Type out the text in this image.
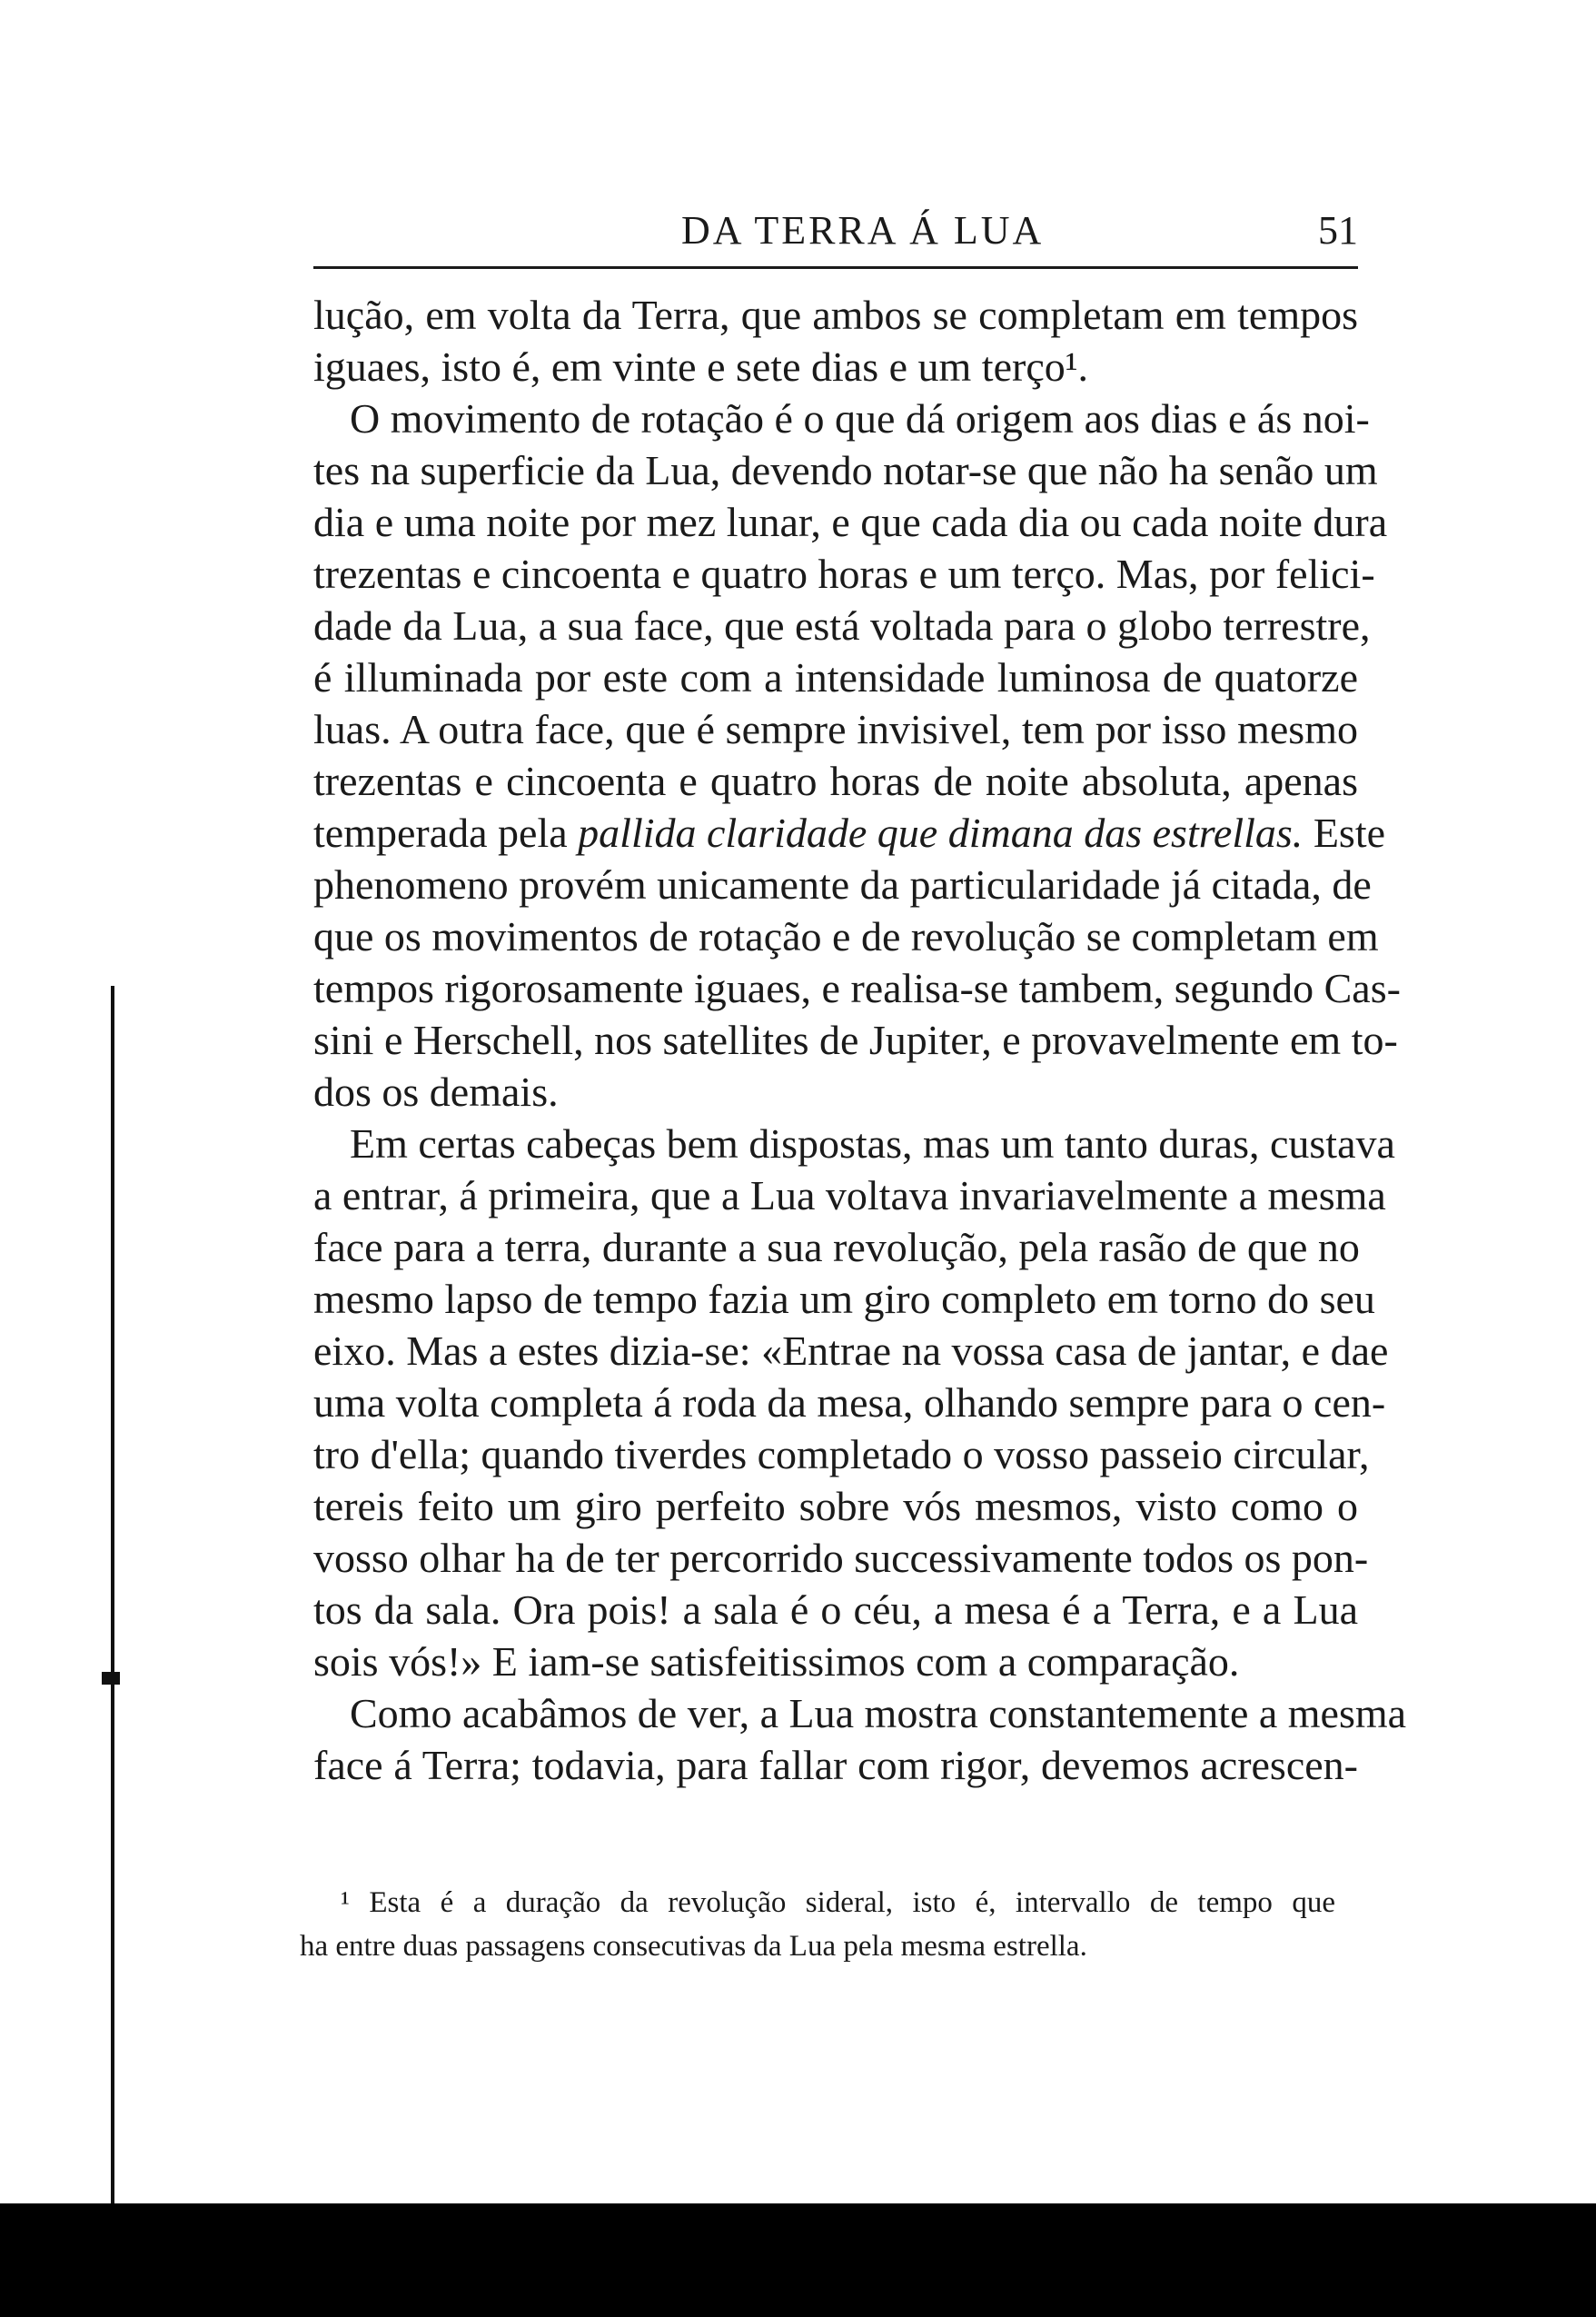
DA TERRA Á LUA	51
lução, em volta da Terra, que ambos se completam em tempos
iguaes, isto é, em vinte e sete dias e um terço¹.
O movimento de rotação é o que dá origem aos dias e ás noi-
tes na superficie da Lua, devendo notar-se que não ha senão um
dia e uma noite por mez lunar, e que cada dia ou cada noite dura
trezentas e cincoenta e quatro horas e um terço. Mas, por felici-
dade da Lua, a sua face, que está voltada para o globo terrestre,
é illuminada por este com a intensidade luminosa de quatorze
luas. A outra face, que é sempre invisivel, tem por isso mesmo
trezentas e cincoenta e quatro horas de noite absoluta, apenas
temperada pela pallida claridade que dimana das estrellas. Este
phenomeno provém unicamente da particularidade já citada, de
que os movimentos de rotação e de revolução se completam em
tempos rigorosamente iguaes, e realisa-se tambem, segundo Cas-
sini e Herschell, nos satellites de Jupiter, e provavelmente em to-
dos os demais.
Em certas cabeças bem dispostas, mas um tanto duras, custava
a entrar, á primeira, que a Lua voltava invariavelmente a mesma
face para a terra, durante a sua revolução, pela rasão de que no
mesmo lapso de tempo fazia um giro completo em torno do seu
eixo. Mas a estes dizia-se: «Entrae na vossa casa de jantar, e dae
uma volta completa á roda da mesa, olhando sempre para o cen-
tro d'ella; quando tiverdes completado o vosso passeio circular,
tereis feito um giro perfeito sobre vós mesmos, visto como o
vosso olhar ha de ter percorrido successivamente todos os pon-
tos da sala. Ora pois! a sala é o céu, a mesa é a Terra, e a Lua
sois vós!» E iam-se satisfeitissimos com a comparação.
Como acabâmos de ver, a Lua mostra constantemente a mesma
face á Terra; todavia, para fallar com rigor, devemos acrescen-
¹ Esta é a duração da revolução sideral, isto é, intervallo de tempo que
ha entre duas passagens consecutivas da Lua pela mesma estrella.
